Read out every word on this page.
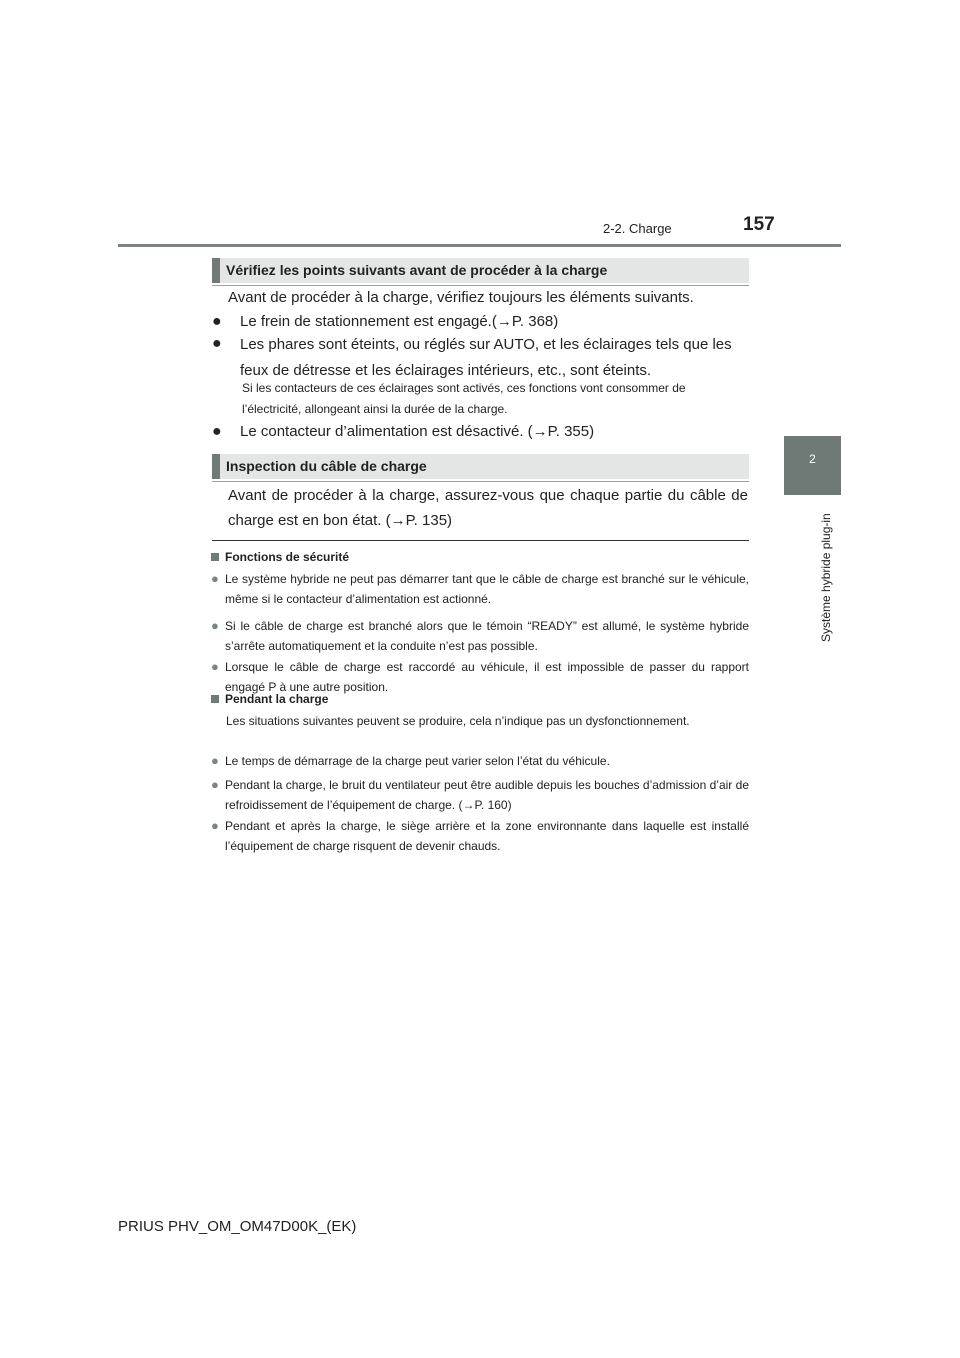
2-2. Charge	157
2
Système hybride plug-in
Vérifiez les points suivants avant de procéder à la charge
Avant de procéder à la charge, vérifiez toujours les éléments suivants.
● Le frein de stationnement est engagé.(→P. 368)
● Les phares sont éteints, ou réglés sur AUTO, et les éclairages tels que les feux de détresse et les éclairages intérieurs, etc., sont éteints.
Si les contacteurs de ces éclairages sont activés, ces fonctions vont consommer de l’électricité, allongeant ainsi la durée de la charge.
● Le contacteur d’alimentation est désactivé. (→P. 355)
Inspection du câble de charge
Avant de procéder à la charge, assurez-vous que chaque partie du câble de charge est en bon état. (→P. 135)
Fonctions de sécurité
● Le système hybride ne peut pas démarrer tant que le câble de charge est branché sur le véhicule, même si le contacteur d’alimentation est actionné.
● Si le câble de charge est branché alors que le témoin “READY” est allumé, le système hybride s’arrête automatiquement et la conduite n’est pas possible.
● Lorsque le câble de charge est raccordé au véhicule, il est impossible de passer du rapport engagé P à une autre position.
Pendant la charge
Les situations suivantes peuvent se produire, cela n’indique pas un dysfonctionnement.
● Le temps de démarrage de la charge peut varier selon l’état du véhicule.
● Pendant la charge, le bruit du ventilateur peut être audible depuis les bouches d’admission d’air de refroidissement de l’équipement de charge. (→P. 160)
● Pendant et après la charge, le siège arrière et la zone environnante dans laquelle est installé l’équipement de charge risquent de devenir chauds.
PRIUS PHV_OM_OM47D00K_(EK)
